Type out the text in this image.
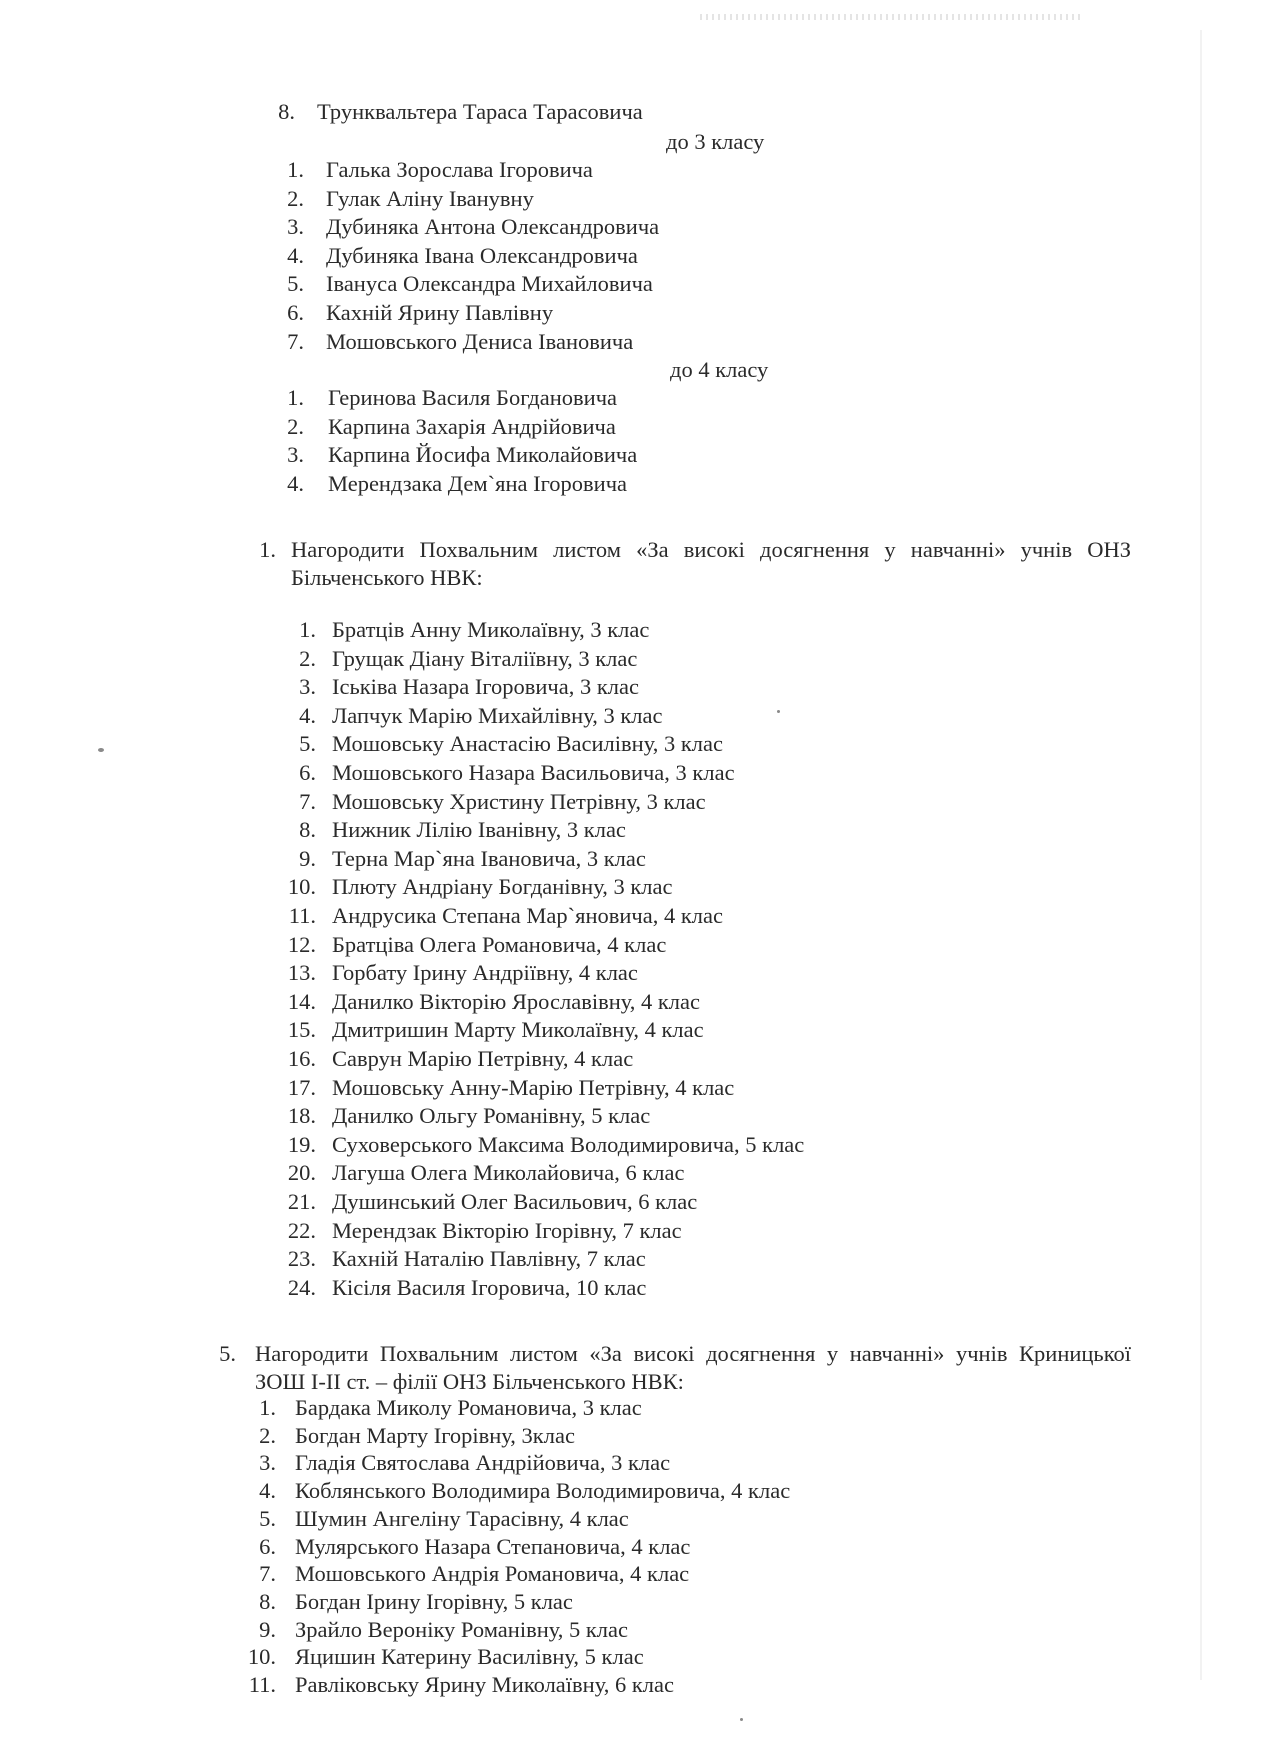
8. Трунквальтера Тараса Тарасовича
до 3 класу
1. Галька Зорослава Ігоровича
2. Гулак Аліну Іванувну
3. Дубиняка Антона Олександровича
4. Дубиняка Івана Олександровича
5. Івануса Олександра Михайловича
6. Кахній Ярину Павлівну
7. Мошовського Дениса Івановича
до 4 класу
1. Геринова Василя Богдановича
2. Карпина Захарія Андрійовича
3. Карпина Йосифа Миколайовича
4. Мерендзака Дем`яна Ігоровича
1. Нагородити Похвальним листом «За високі досягнення у навчанні» учнів ОНЗ Більченського НВК:
1. Братців Анну Миколаївну, 3 клас
2. Грущак Діану Віталіївну, 3 клас
3. Іськіва Назара Ігоровича, 3 клас
4. Лапчук Марію Михайлівну, 3 клас
5. Мошовську Анастасію Василівну, 3 клас
6. Мошовського Назара Васильовича, 3 клас
7. Мошовську Христину Петрівну, 3 клас
8. Нижник Лілію Іванівну, 3 клас
9. Терна Мар`яна Івановича, 3 клас
10. Плюту Андріану Богданівну, 3 клас
11. Андрусика Степана Мар`яновича, 4 клас
12. Братціва Олега Романовича, 4 клас
13. Горбату Ірину Андріївну, 4 клас
14. Данилко Вікторію Ярославівну, 4 клас
15. Дмитришин Марту Миколаївну, 4 клас
16. Саврун Марію Петрівну, 4 клас
17. Мошовську Анну-Марію Петрівну, 4 клас
18. Данилко Ольгу Романівну, 5 клас
19. Суховерського Максима Володимировича, 5 клас
20. Лагуша Олега Миколайовича, 6 клас
21. Душинський Олег Васильович, 6 клас
22. Мерендзак Вікторію Ігорівну, 7 клас
23. Кахній Наталію Павлівну, 7 клас
24. Кісіля Василя Ігоровича, 10 клас
5. Нагородити Похвальним листом «За високі досягнення у навчанні» учнів Криницької ЗОШ І-ІІ ст. – філії ОНЗ Більченського НВК:
1. Бардака Миколу Романовича, 3 клас
2. Богдан Марту Ігорівну, 3клас
3. Гладія Святослава Андрійовича, 3 клас
4. Коблянського Володимира Володимировича, 4 клас
5. Шумин Ангеліну Тарасівну, 4 клас
6. Мулярського Назара Степановича, 4 клас
7. Мошовського Андрія Романовича, 4 клас
8. Богдан Ірину Ігорівну, 5 клас
9. Зрайло Вероніку Романівну, 5 клас
10. Яцишин Катерину Василівну, 5 клас
11. Равліковську Ярину Миколаївну, 6 клас
